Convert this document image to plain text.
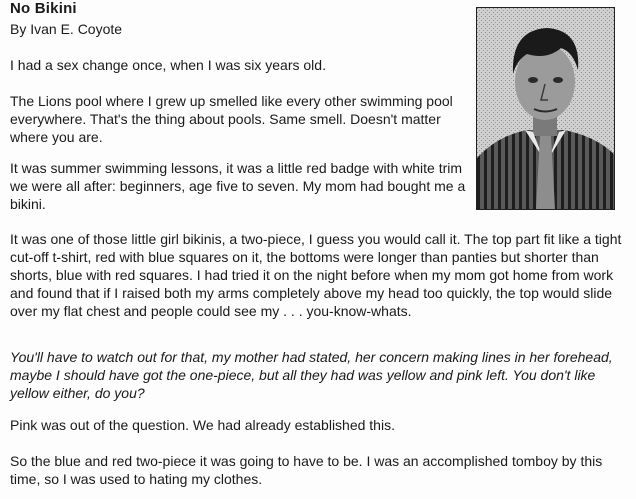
No Bikini
By Ivan E. Coyote

I had a sex change once, when I was six years old.

The Lions pool where I grew up smelled like every other swimming pool everywhere. That's the thing about pools. Same smell. Doesn't matter where you are.

It was summer swimming lessons, it was a little red badge with white trim we were all after: beginners, age five to seven. My mom had bought me a bikini.

It was one of those little girl bikinis, a two-piece, I guess you would call it. The top part fit like a tight cut-off t-shirt, red with blue squares on it, the bottoms were longer than panties but shorter than shorts, blue with red squares. I had tried it on the night before when my mom got home from work and found that if I raised both my arms completely above my head too quickly, the top would slide over my flat chest and people could see my . . . you-know-whats.

You'll have to watch out for that, my mother had stated, her concern making lines in her forehead, maybe I should have got the one-piece, but all they had was yellow and pink left. You don't like yellow either, do you?

Pink was out of the question. We had already established this.

So the blue and red two-piece it was going to have to be. I was an accomplished tomboy by this time, so I was used to hating my clothes.
